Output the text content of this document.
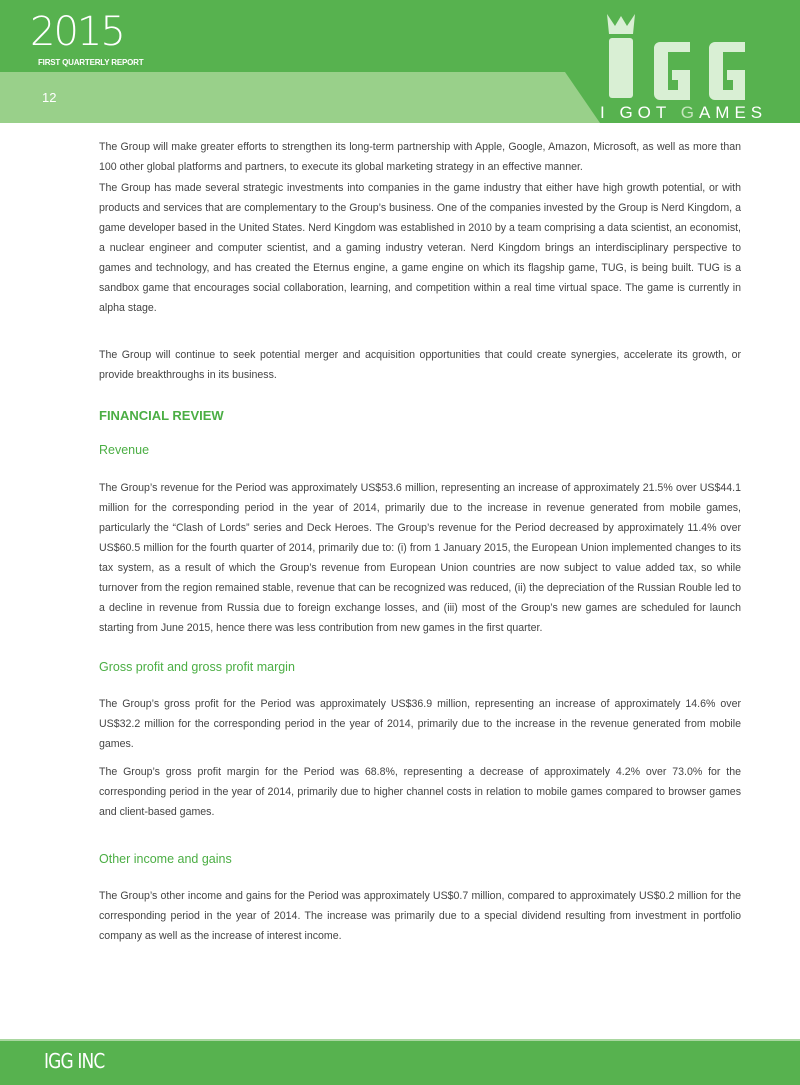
2015
FIRST QUARTERLY REPORT
12
I GOT GAMES

The Group will make greater efforts to strengthen its long-term partnership with Apple, Google, Amazon, Microsoft, as well as more than 100 other global platforms and partners, to execute its global marketing strategy in an effective manner.

The Group has made several strategic investments into companies in the game industry that either have high growth potential, or with products and services that are complementary to the Group’s business. One of the companies invested by the Group is Nerd Kingdom, a game developer based in the United States. Nerd Kingdom was established in 2010 by a team comprising a data scientist, an economist, a nuclear engineer and computer scientist, and a gaming industry veteran. Nerd Kingdom brings an interdisciplinary perspective to games and technology, and has created the Eternus engine, a game engine on which its flagship game, TUG, is being built. TUG is a sandbox game that encourages social collaboration, learning, and competition within a real time virtual space. The game is currently in alpha stage.

The Group will continue to seek potential merger and acquisition opportunities that could create synergies, accelerate its growth, or provide breakthroughs in its business.

FINANCIAL REVIEW
Revenue

The Group’s revenue for the Period was approximately US$53.6 million, representing an increase of approximately 21.5% over US$44.1 million for the corresponding period in the year of 2014, primarily due to the increase in revenue generated from mobile games, particularly the “Clash of Lords” series and Deck Heroes. The Group’s revenue for the Period decreased by approximately 11.4% over US$60.5 million for the fourth quarter of 2014, primarily due to: (i) from 1 January 2015, the European Union implemented changes to its tax system, as a result of which the Group’s revenue from European Union countries are now subject to value added tax, so while turnover from the region remained stable, revenue that can be recognized was reduced, (ii) the depreciation of the Russian Rouble led to a decline in revenue from Russia due to foreign exchange losses, and (iii) most of the Group’s new games are scheduled for launch starting from June 2015, hence there was less contribution from new games in the first quarter.

Gross profit and gross profit margin

The Group’s gross profit for the Period was approximately US$36.9 million, representing an increase of approximately 14.6% over US$32.2 million for the corresponding period in the year of 2014, primarily due to the increase in the revenue generated from mobile games.

The Group’s gross profit margin for the Period was 68.8%, representing a decrease of approximately 4.2% over 73.0% for the corresponding period in the year of 2014, primarily due to higher channel costs in relation to mobile games compared to browser games and client-based games.

Other income and gains

The Group’s other income and gains for the Period was approximately US$0.7 million, compared to approximately US$0.2 million for the corresponding period in the year of 2014. The increase was primarily due to a special dividend resulting from investment in portfolio company as well as the increase of interest income.

IGG INC
